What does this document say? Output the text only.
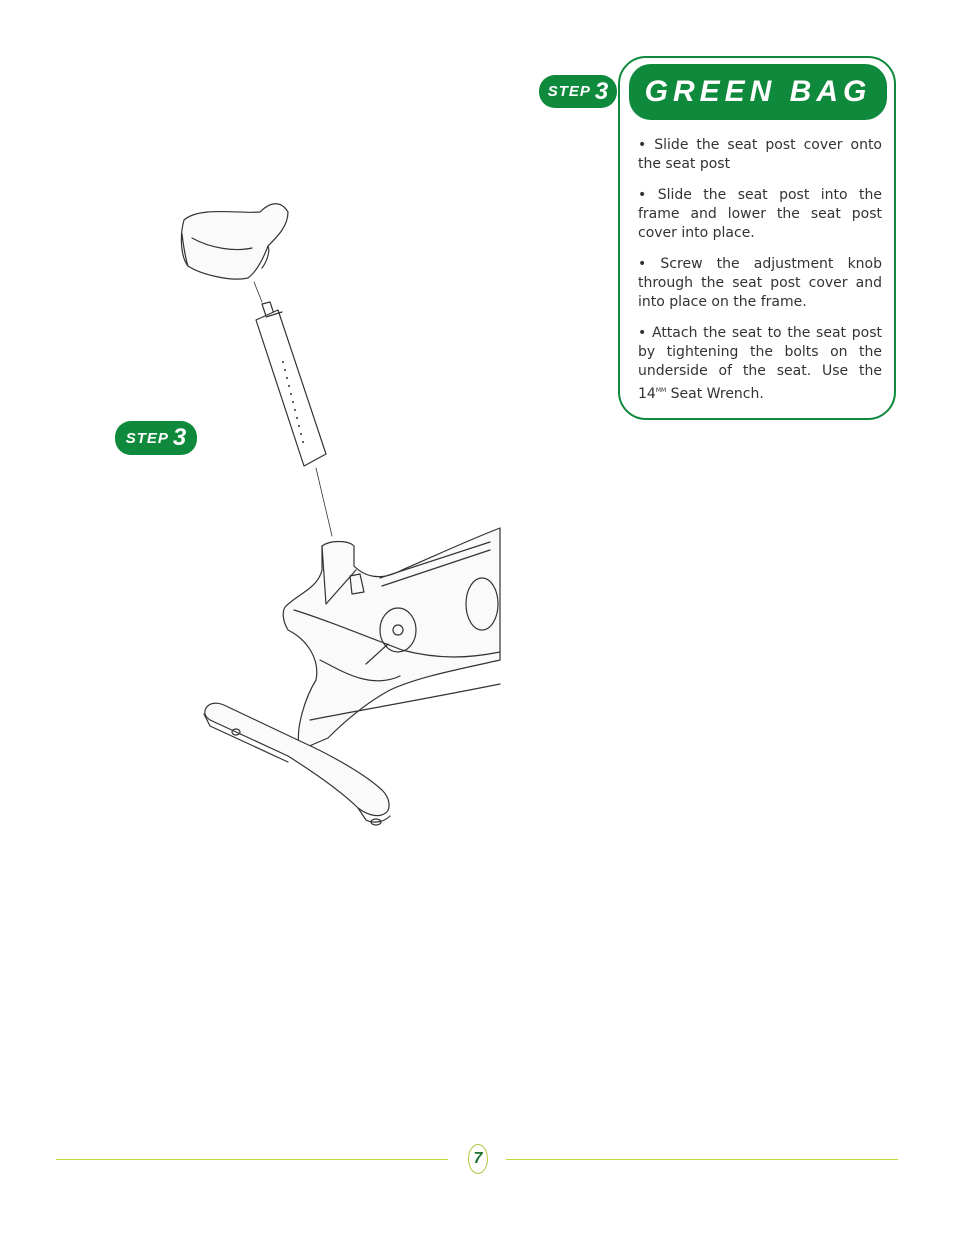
STEP 3	GREEN BAG
• Slide the seat post cover onto the seat post
• Slide the seat post into the frame and lower the seat post cover into place.
• Screw the adjustment knob through the seat post cover and into place on the frame.
• Attach the seat to the seat post by tightening the bolts on the underside of the seat. Use the $14^{MM}$ Seat Wrench.
STEP 3
7
